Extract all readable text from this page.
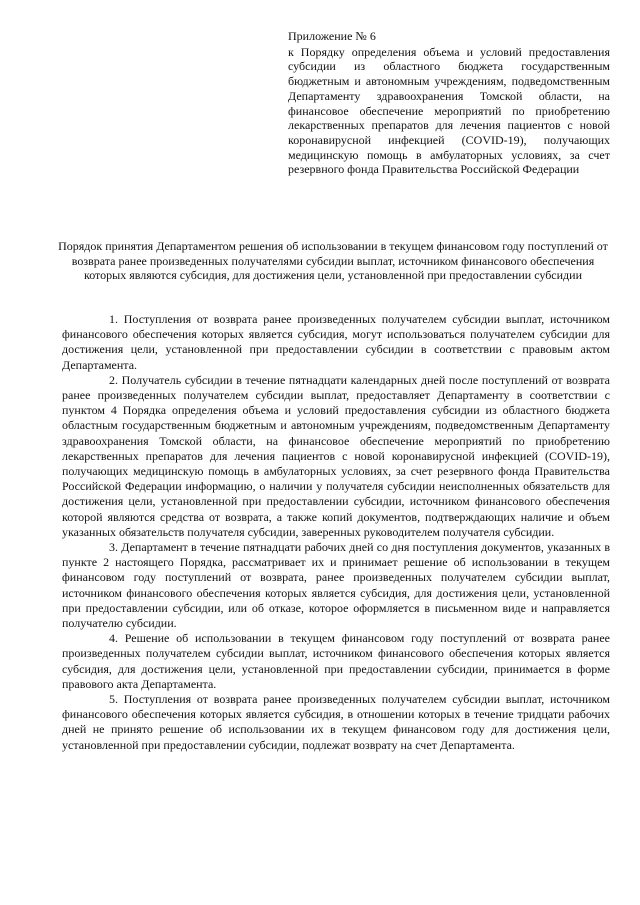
Приложение № 6

к Порядку определения объема и условий предоставления субсидии из областного бюджета государственным бюджетным и автономным учреждениям, подведомственным Департаменту здравоохранения Томской области, на финансовое обеспечение мероприятий по приобретению лекарственных препаратов для лечения пациентов с новой коронавирусной инфекцией (COVID-19), получающих медицинскую помощь в амбулаторных условиях, за счет резервного фонда Правительства Российской Федерации

Порядок принятия Департаментом решения об использовании в текущем финансовом году поступлений от возврата ранее произведенных получателями субсидии выплат, источником финансового обеспечения которых являются субсидия, для достижения цели, установленной при предоставлении субсидии

1. Поступления от возврата ранее произведенных получателем субсидии выплат, источником финансового обеспечения которых является субсидия, могут использоваться получателем субсидии для достижения цели, установленной при предоставлении субсидии в соответствии с правовым актом Департамента.

2. Получатель субсидии в течение пятнадцати календарных дней после поступлений от возврата ранее произведенных получателем субсидии выплат, предоставляет Департаменту в соответствии с пунктом 4 Порядка определения объема и условий предоставления субсидии из областного бюджета областным государственным бюджетным и автономным учреждениям, подведомственным Департаменту здравоохранения Томской области, на финансовое обеспечение мероприятий по приобретению лекарственных препаратов для лечения пациентов с новой коронавирусной инфекцией (COVID-19), получающих медицинскую помощь в амбулаторных условиях, за счет резервного фонда Правительства Российской Федерации информацию, о наличии у получателя субсидии неисполненных обязательств для достижения цели, установленной при предоставлении субсидии, источником финансового обеспечения которой являются средства от возврата, а также копий документов, подтверждающих наличие и объем указанных обязательств получателя субсидии, заверенных руководителем получателя субсидии.

3. Департамент в течение пятнадцати рабочих дней со дня поступления документов, указанных в пункте 2 настоящего Порядка, рассматривает их и принимает решение об использовании в текущем финансовом году поступлений от возврата, ранее произведенных получателем субсидии выплат, источником финансового обеспечения которых является субсидия, для достижения цели, установленной при предоставлении субсидии, или об отказе, которое оформляется в письменном виде и направляется получателю субсидии.

4. Решение об использовании в текущем финансовом году поступлений от возврата ранее произведенных получателем субсидии выплат, источником финансового обеспечения которых является субсидия, для достижения цели, установленной при предоставлении субсидии, принимается в форме правового акта Департамента.

5. Поступления от возврата ранее произведенных получателем субсидии выплат, источником финансового обеспечения которых является субсидия, в отношении которых в течение тридцати рабочих дней не принято решение об использовании их в текущем финансовом году для достижения цели, установленной при предоставлении субсидии, подлежат возврату на счет Департамента.
